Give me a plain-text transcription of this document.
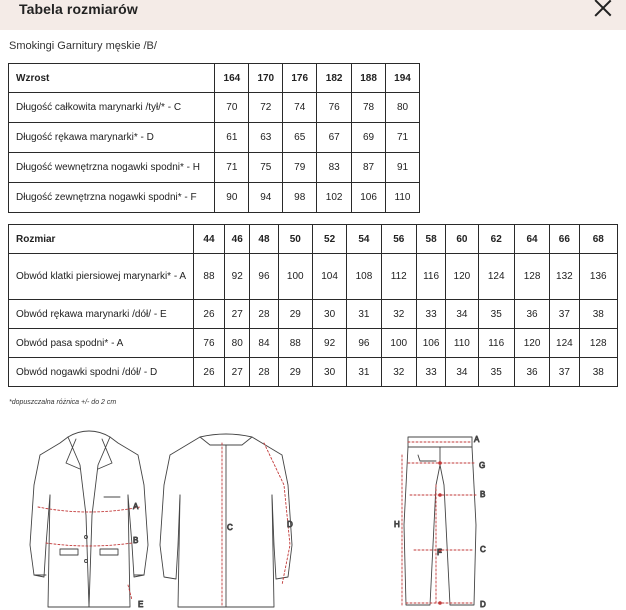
Tabela rozmiarów
Smokingi Garnitury męskie /B/
Wzrost	164	170	176	182	188	194
Długość całkowita marynarki /tył/* - C	70	72	74	76	78	80
Długość rękawa marynarki* - D	61	63	65	67	69	71
Długość wewnętrzna nogawki spodni* - H	71	75	79	83	87	91
Długość zewnętrzna nogawki spodni* - F	90	94	98	102	106	110
Rozmiar	44	46	48	50	52	54	56	58	60	62	64	66	68
Obwód klatki piersiowej marynarki* - A	88	92	96	100	104	108	112	116	120	124	128	132	136
Obwód rękawa marynarki /dół/ - E	26	27	28	29	30	31	32	33	34	35	36	37	38
Obwód pasa spodni* - A	76	80	84	88	92	96	100	106	110	116	120	124	128
Obwód nogawki spodni /dół/ - D	26	27	28	29	30	31	32	33	34	35	36	37	38
*dopuszczalna różnica +/- do 2 cm
A
B
E
C	D
A
G
B
H
C
F
D
